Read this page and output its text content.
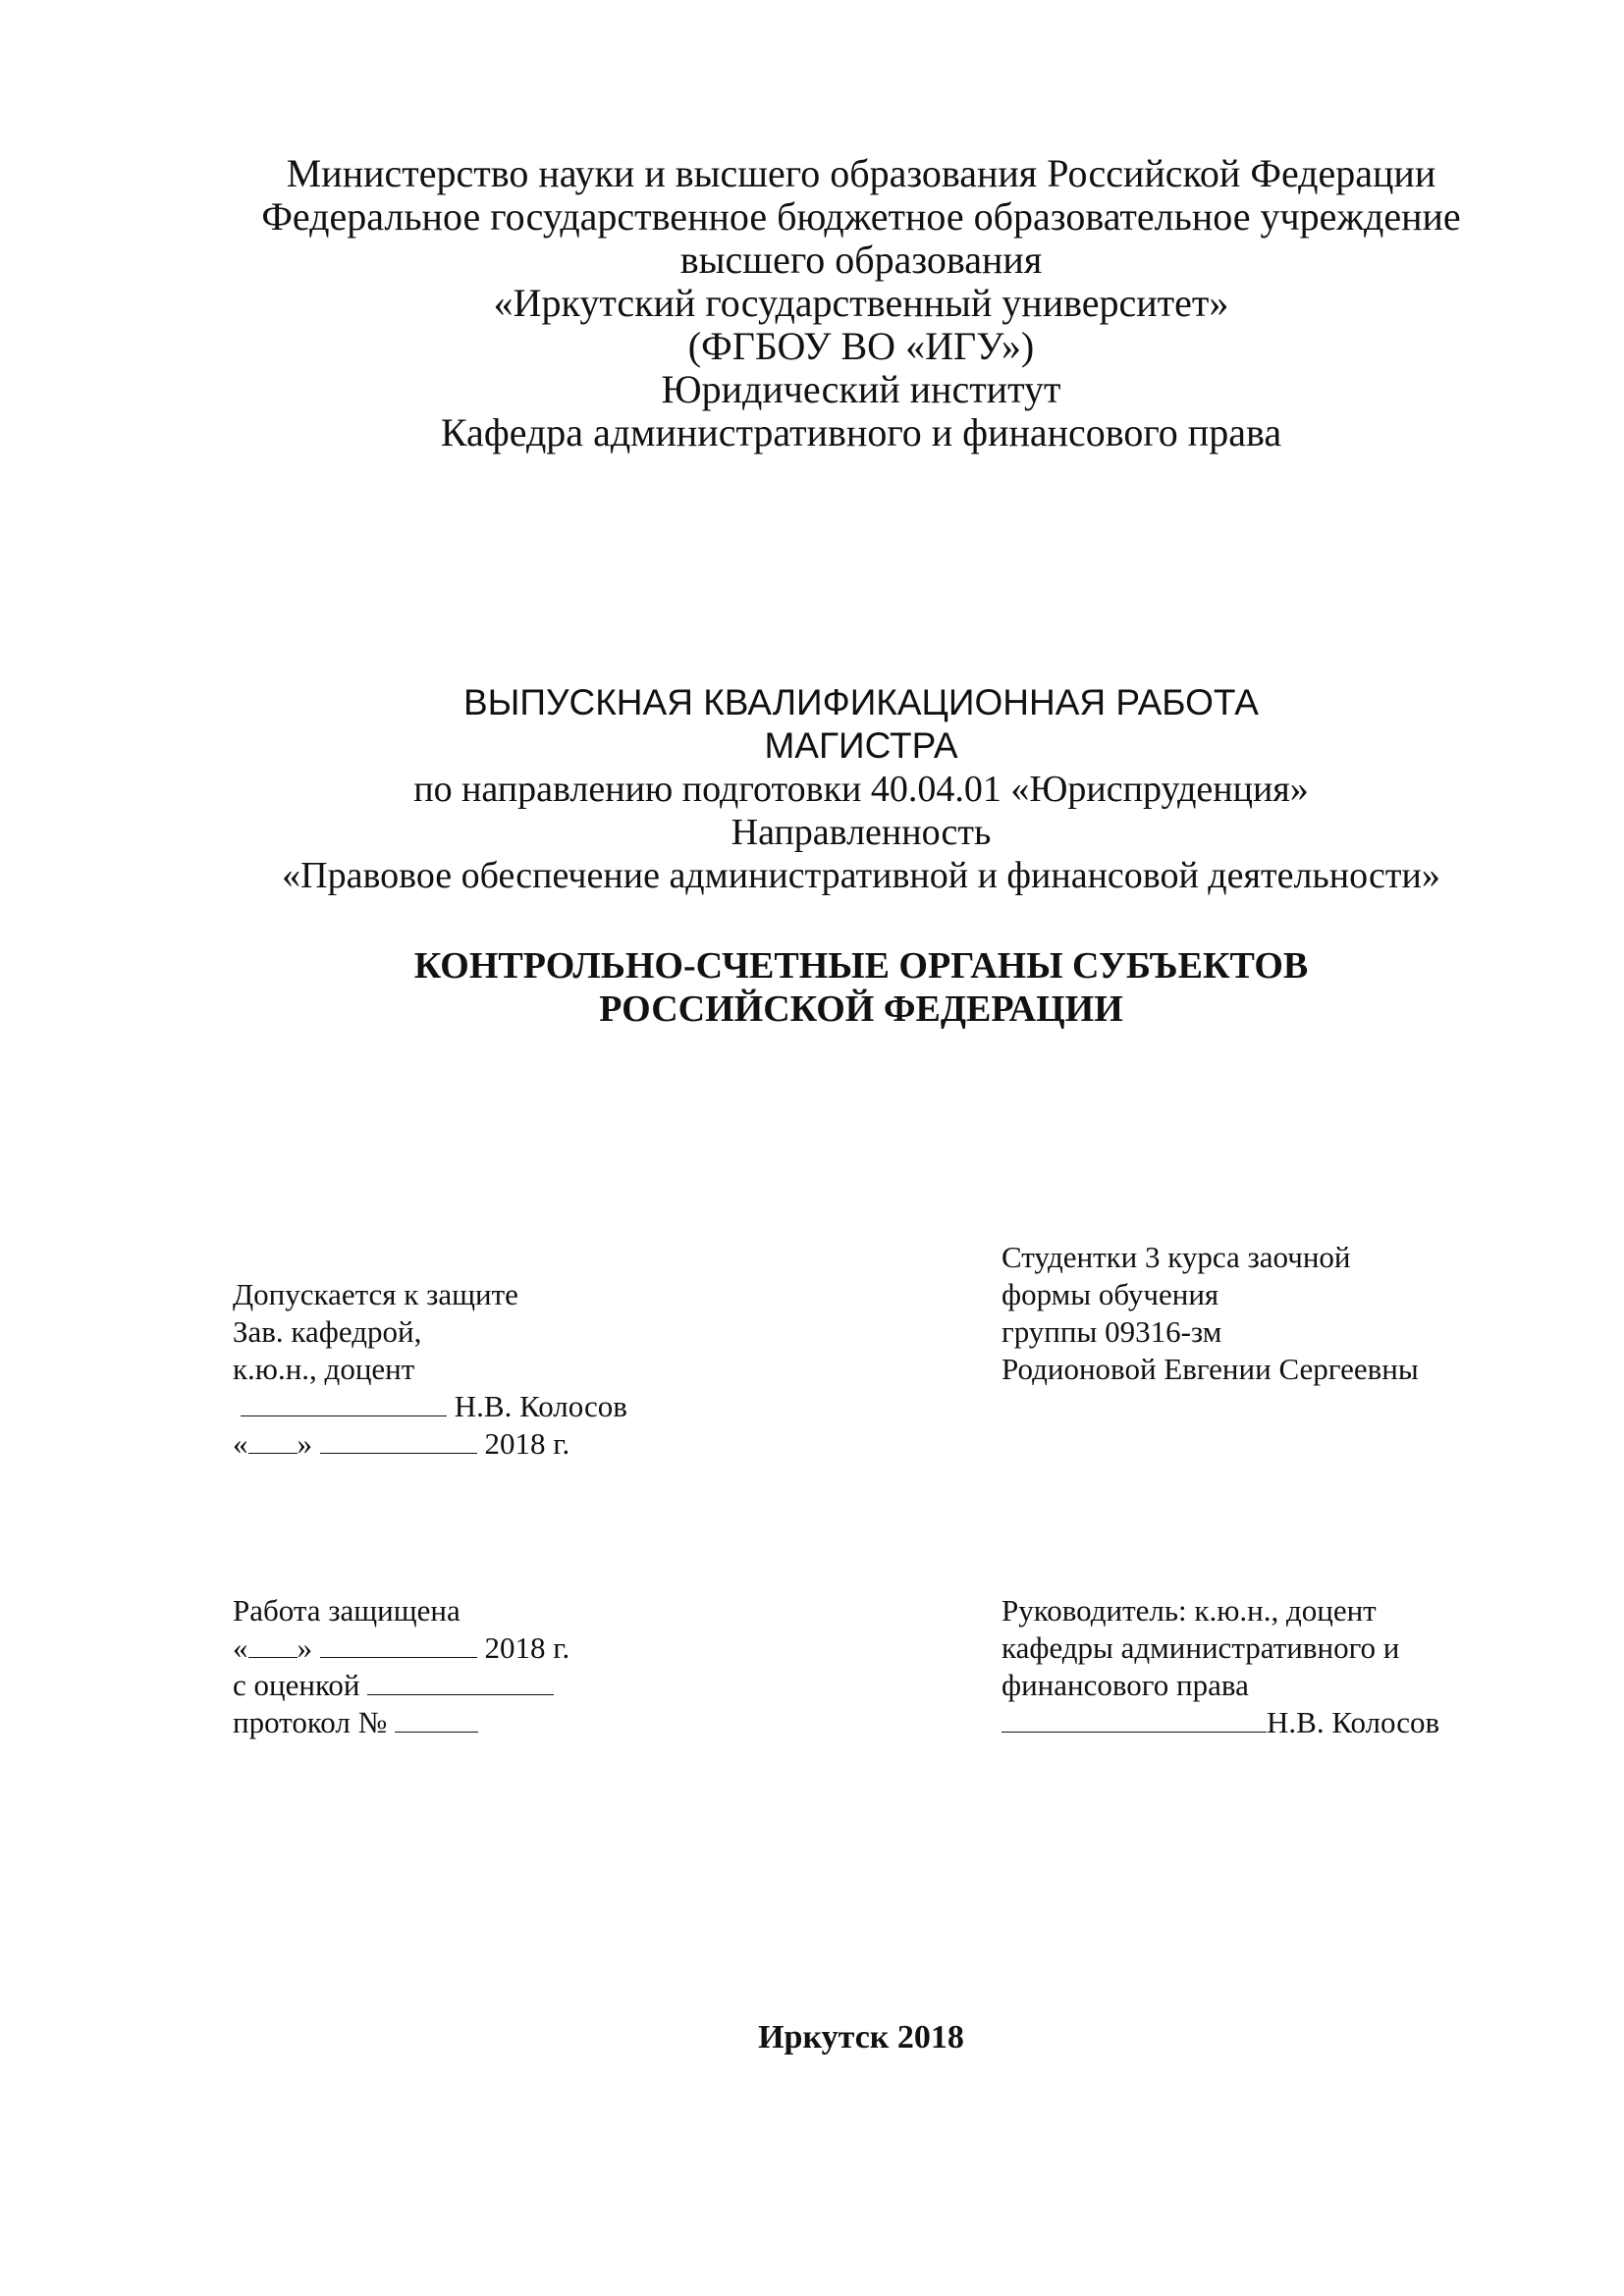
Министерство науки и высшего образования Российской Федерации
Федеральное государственное бюджетное образовательное учреждение
высшего образования
«Иркутский государственный университет»
(ФГБОУ ВО «ИГУ»)
Юридический институт
Кафедра административного и финансового права
ВЫПУСКНАЯ КВАЛИФИКАЦИОННАЯ РАБОТА
МАГИСТРА
по направлению подготовки 40.04.01 «Юриспруденция»
Направленность
«Правовое обеспечение административной и финансовой деятельности»
КОНТРОЛЬНО-СЧЕТНЫЕ ОРГАНЫ СУБЪЕКТОВ
РОССИЙСКОЙ ФЕДЕРАЦИИ
Допускается к защите
Зав. кафедрой,
к.ю.н., доцент
Н.В. Колосов
« »	2018 г.
Студентки 3 курса заочной
формы обучения
группы 09316-зм
Родионовой Евгении Сергеевны
Работа защищена
« »	2018 г.
с оценкой
протокол №
Руководитель: к.ю.н., доцент
кафедры административного и
финансового права
Н.В. Колосов
Иркутск 2018
